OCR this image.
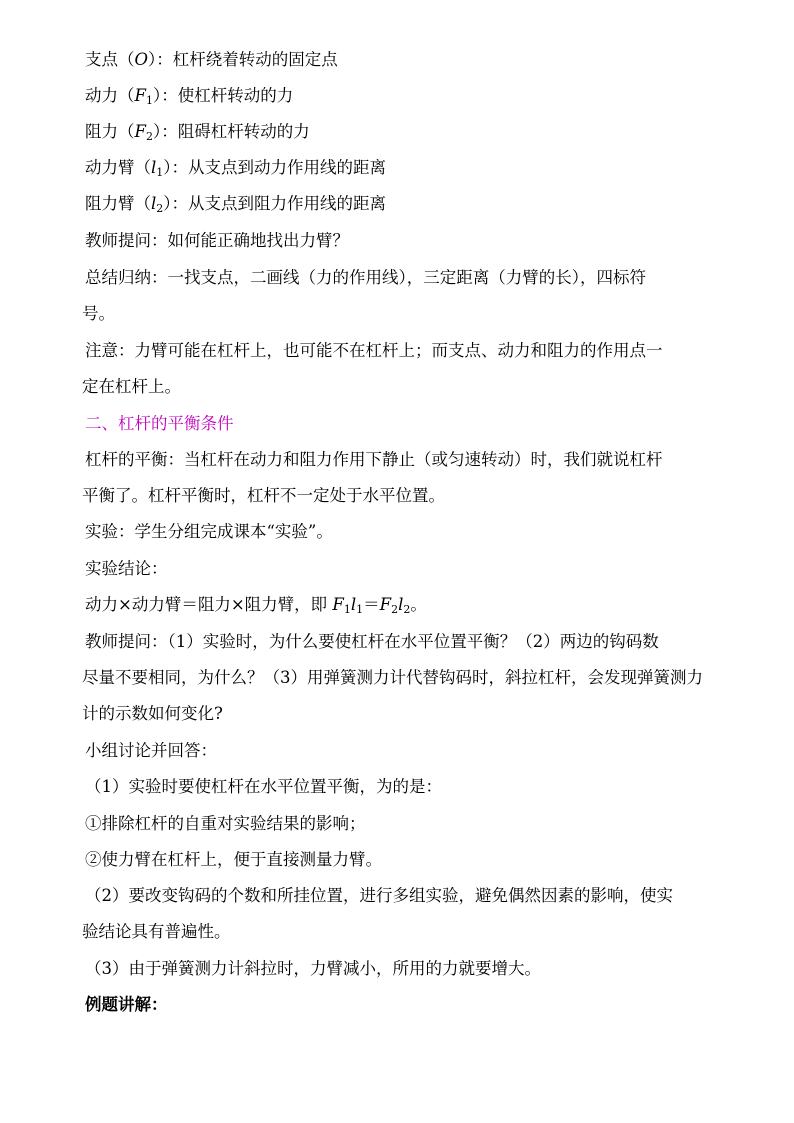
支点（O）：杠杆绕着转动的固定点
动力$(F_1)$：使杠杆转动的力
阻力$(F_2)$：阻碍杠杆转动的力
动力臂$(l_1)$：从支点到动力作用线的距离
阻力臂$(l_2)$：从支点到阻力作用线的距离
教师提问：如何能正确地找出力臂？
总结归纳：一找支点，二画线（力的作用线），三定距离（力臂的长），四标符
号。
注意：力臂可能在杠杆上，也可能不在杠杆上；而支点、动力和阻力的作用点一
定在杠杆上。
二、杠杆的平衡条件
杠杆的平衡：当杠杆在动力和阻力作用下静止（或匀速转动）时，我们就说杠杆
平衡了。杠杆平衡时，杠杆不一定处于水平位置。
实验：学生分组完成课本“实验”。
实验结论：
动力×动力臂＝阻力×阻力臂，即 $F_1l_1=F_2l_2$。
教师提问：（1）实验时，为什么要使杠杆在水平位置平衡？（2）两边的钩码数
尽量不要相同，为什么？（3）用弹簧测力计代替钩码时，斜拉杠杆，会发现弹簧测力
计的示数如何变化?
小组讨论并回答：
（1）实验时要使杠杆在水平位置平衡，为的是：
①排除杠杆的自重对实验结果的影响；
②使力臂在杠杆上，便于直接测量力臂。
（2）要改变钩码的个数和所挂位置，进行多组实验，避免偶然因素的影响，使实
验结论具有普遍性。
（3）由于弹簧测力计斜拉时，力臂减小，所用的力就要增大。
例题讲解：
